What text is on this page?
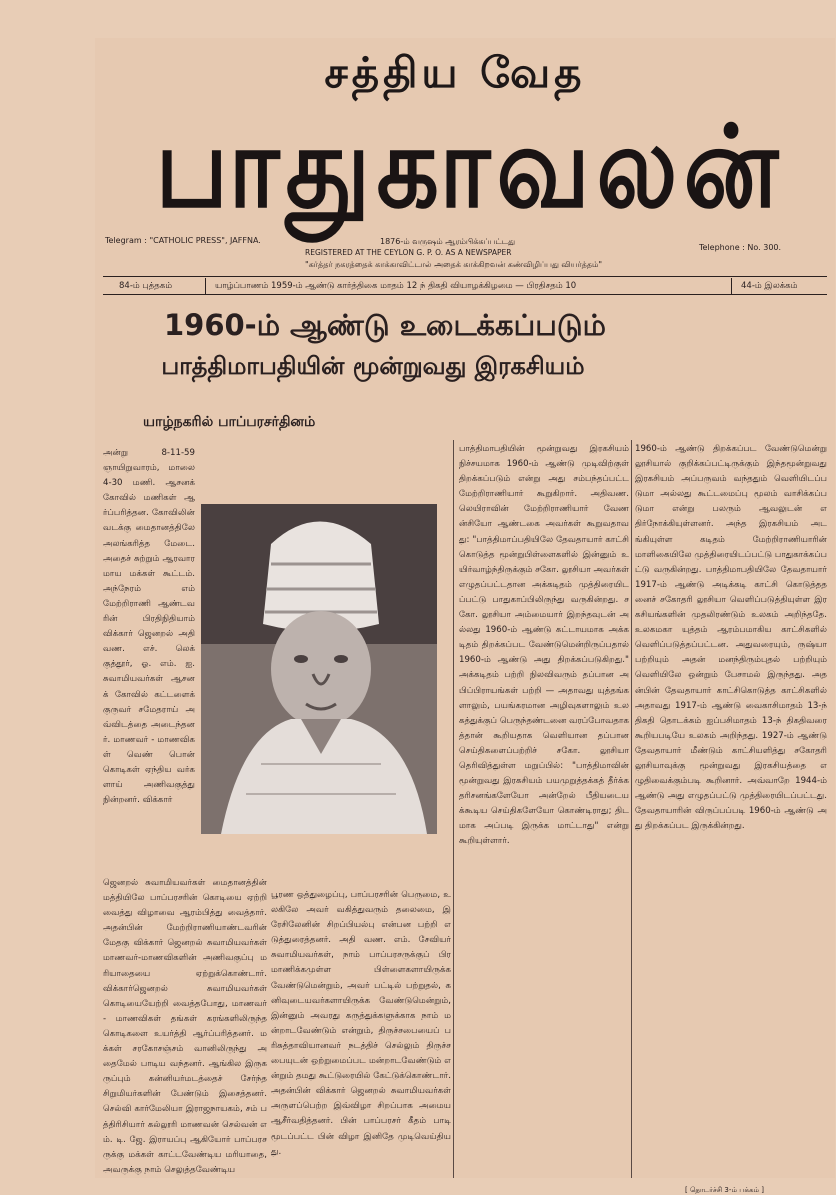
சத்திய வேத
பாதுகாவலன்
Telegram : "CATHOLIC PRESS", JAFFNA.	1876-ம் வருஷம் ஆரம்பிக்கப்பட்டது
REGISTERED AT THE CEYLON G. P. O. AS A NEWSPAPER
"கர்த்தர் நகரத்தைக் காக்காவிட்டால் அதைக் காக்கிறவன் கண்விழிப்பது வியர்த்தம்"
Telephone : No. 300.
84-ம் புத்தகம்	யாழ்ப்பாணம் 1959-ம் ஆண்டு கார்த்திகை மாதம் 12 ந் திகதி வியாழக்கிழமை — பிரதிசதம் 10	44-ம் இலக்கம்
1960-ம் ஆண்டு உடைக்கப்படும்
பாத்திமாபதியின் மூன்றுவது இரகசியம்
யாழ்நகரில் பாப்பரசர்தினம்
அன்று 8-11-59 ஞாயிறுவாரம், மாலை 4-30 மணி. ஆசனக் கோவில் மணிகள் ஆர்ப்பரித்தன. கோவிலின் வடக்கு மைதானத்திலே அலங்கரித்த மேடை. அதைச் சுற்றும் ஆரவாரமாய மக்கள் கூட்டம். அந்நேரம் எம் மேற்றிராணி ஆண்டவரின் பிரதிநிதியாம் விக்கார் ஜெனறல் அதி வண. எச். லெக் குத்தூர், ஓ. எம். ஐ. சுவாமியவர்கள் ஆசனக் கோவில் கட்டளைக் குருவர் சமேதராய் அவ்விடத்தை அடைந்தனர். மாணவர் - மாணவிகள் வெண் பொன் கொடிகள் ஏந்திய வர்களாய் அணிவகுத்து நின்றனர். விக்கார்
ஜெனறல் சுவாமியவர்கள் மைதானத்தின் மத்தியிலே பாப்பரசரின் கொடியை ஏற்றி வைத்து விழாவை ஆரம்பித்து வைத்தார். அதன்பின் மேற்றிராணியாண்டவரின் மேதகு விக்கார் ஜெனறல் சுவாமியவர்கள் மாணவர்-மாணவிகளின் அணிவகுப்பு மரியாதையை ஏற்றுக்கொண்டார். விக்கார்ஜெனறல் சுவாமியவர்கள் கொடியையேற்றி வைத்தபோது, மாணவர் - மாணவிகள் தங்கள் கரங்களிலிருந்த கொடிகளை உயர்த்தி ஆர்ப்பரித்தனர். மக்கள் சரகோசஞ்சம் வானிலிருந்து அதைமேல் பாடிய வந்தனர். ஆங்கில இருகருப்பும் கன்னியர்மடத்தைச் சேர்ந்த சிறுமியர்களின் பேண்டும் இசைத்தனர். செல்வி கார்மேலியா இராஜநாயகம், சம் பத்திரிசியார் கல்லூரி மாணவன் செல்வன் எம். டி. ஜே. இராயப்பு ஆகியோர் பாப்பரசருக்கு மக்கள் காட்டவேண்டிய மரியாதை, அவருக்கு நாம் செலுத்தவேண்டிய
பூரண ஒத்துழைப்பு, பாப்பரசரின் பெருமை, உலகிலே அவர் வகித்துவரும் தலைமை, இரேசிலேனின் சிறப்பியல்பு என்பன பற்றி எடுத்துரைத்தனர். அதி வண. எம். சேவியர் சுவாமியவர்கள், நாம் பாப்பரசருக்குப் பிரமாணிக்கமுள்ள பிள்ளைகளாயிருக்க வேண்டுமென்றும், அவர் பட்டில் பற்றுதல், கனிவுடையவர்களாயிருக்க வேண்டுமென்றும், இன்னும் அவரது கருத்துக்களுக்காக நாம் மன்றாடவேண்டும் என்றும், திருச்சபையைப் பரிசுத்தாவியானவர் நடத்திச் செல்லும் திருச்சபையுடன் ஒற்றுமைப்பட மன்றாடவேண்டும் என்றும் தமது கூட்டுரையில் கேட்டுக்கொண்டார். அதன்பின் விக்கார் ஜெனறல் சுவாமியவர்கள் அருளப்பெற்ற இவ்விழா சிறப்பாக அமைய ஆசீர்வதித்தனர். பின் பாப்பரசர் கீதம் பாடி மூடப்பட்ட பின் விழா இனிதே முடிவெய்தியது.
பாத்திமாபதியின் மூன்றுவது இரகசியம் நிச்சயமாக 1960-ம் ஆண்டு முடிவிற்குள் திறக்கப்படும் என்று அது சம்பந்தப்பட்ட மேற்றிராணியார் கூறுகிறார். அதிவண. லெயிராவின் மேற்றிராணியார் வேணன்சியோ ஆண்டகை அவர்கள் கூறுவதாவது: "பாத்திமாப்பதியிலே தேவதாயார் காட்சி கொடுத்த மூன்றுபிள்ளைகளில் இன்னும் உயிர்வாழ்ந்திருக்கும் சகோ. லூசியா அவர்கள் எழுதப்பட்டதான அக்கடிதம் முத்திரையிடப்பட்டு பாதுகாப்பிலிருந்து வருகின்றது. சகோ. லூசியா அம்மையார் இறந்தவுடன் அல்லது 1960-ம் ஆண்டு கட்டாயமாக அக்கடிதம் திறக்கப்பட வேண்டுமென்றிருப்பதால் 1960-ம் ஆண்டு அது திறக்கப்படுகிறது." அக்கடிதம் பற்றி நிலவிவரும் தப்பான அபிப்பிராயங்கள் பற்றி — அதாவது யுத்தங்களாலும், பயங்கரமான அழிவுகளாலும் உலகத்துக்குப் பெருந்தண்டனை வரப்போவதாகத்தான் கூறியதாக வெளியான தப்பான செய்திகளைப்பற்றிச் சகோ. லூசியா தெரிவித்துள்ள மறுப்பில்: "பாத்திமாவின் மூன்றுவது இரகசியம் பயமுறுத்தக்கத் தீர்க்கதரிசனங்களேயோ அன்றேல் பீதியடையக்கூடிய செய்திகளேயோ கொண்டிராது; திடமாக அப்படி இருக்க மாட்டாது" என்று கூறியுள்ளார்.
1960-ம் ஆண்டு திறக்கப்பட வேண்டுமென்று லூசியால் குறிக்கப்பட்டிருக்கும் இந்தமூன்றுவது இரகசியம் அப்பருவம் வந்ததும் வெளியிடப்படுமா அல்லது கூட்டமைப்பு மூலம் வாசிக்கப்படுமா என்று பலரும் ஆவலுடன் எதிர்நோக்கியுள்ளனர். அந்த இரகசியம் அடங்கியுள்ள கடிதம் மேற்றிராணியாரின் மாளிகையிலே முத்திரையிடப்பட்டு பாதுகாக்கப்பட்டு வருகின்றது. பாத்திமாபதியிலே தேவதாயார் 1917-ம் ஆண்டு அடிக்கடி காட்சி கொடுத்ததனைச் சகோதரி லூசியா வெளிப்படுத்தியுள்ள இரகசியங்களின் முதலிரண்டும் உலகம் அறிந்ததே. உலகமகா யுத்தம் ஆரம்பமாகிய காட்சிகளில் வெளிப்படுத்தப்பட்டன. அதுவரையும், ருஷ்யா பற்றியும் அதன் மனந்திரும்புதல் பற்றியும் வெளியிலே ஒன்றும் பேசாமல் இருந்தது. அதன்பின் தேவதாயார் காட்சிகொடுத்த காட்சிகளில் அதாவது 1917-ம் ஆண்டு வைகாசிமாதம் 13-ந் திகதி தொடக்கம் ஐப்பசிமாதம் 13-ந் திகதிவரை கூறியபடியே உலகம் அறிந்தது. 1927-ம் ஆண்டு தேவதாயார் மீண்டும் காட்சியளித்து சகோதரி லூசியாவுக்கு மூன்றுவது இரகசியத்தை எழுதிவைக்கும்படி கூறினார். அவ்வாறே 1944-ம் ஆண்டு அது எழுதப்பட்டு முத்திரையிடப்பட்டது. தேவதாயாரின் விருப்பப்படி 1960-ம் ஆண்டு அது திறக்கப்பட இருக்கின்றது.
[ தொடர்ச்சி 3-ம் பக்கம் ]
